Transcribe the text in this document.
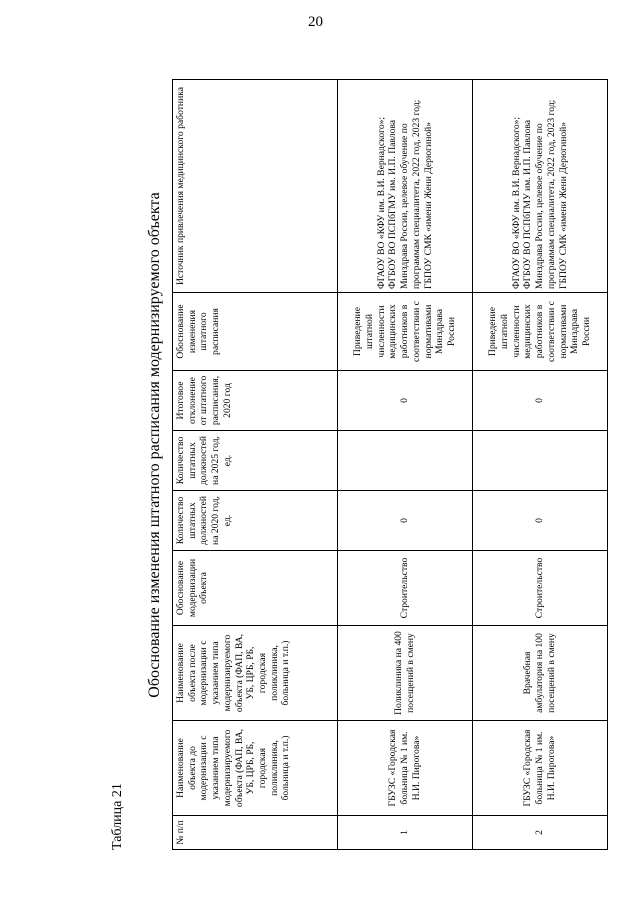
20
Таблица 21
Обоснование изменения штатного расписания модернизируемого объекта
№ п/п	Наименование объекта до модернизации с указанием типа модернизируемого объекта (ФАП, ВА, УБ, ЦРБ, РБ, городская поликлиника, больница и т.п.)	Наименование объекта после модернизации с указанием типа модернизируемого объекта (ФАП, ВА, УБ, ЦРБ, РБ, городская поликлиника, больница и т.п.)	Обоснование модернизации объекта	Количество штатных должностей на 2020 год, ед.	Количество штатных должностей на 2025 год, ед.	Итоговое отклонение от штатного расписания, 2020 год	Обоснование изменения штатного расписания	Источник привлечения медицинского работника
1	ГБУЗС «Городская больница № 1 им. Н.И. Пирогова»	Поликлиника на 400 посещений в смену	Строительство	0		0	Приведение штатной численности медицинских работников в соответствии с нормативами Минздрава России	ФГАОУ ВО «КФУ им. В.И. Вернадского»; ФГБОУ ВО ПСПбГМУ им. И.П. Павлова Минздрава России, целевое обучение по программам специалитета, 2022 год, 2023 год; ГБПОУ СМК «имени Жени Дерюгиной»
2	ГБУЗС «Городская больница № 1 им. Н.И. Пирогова»	Врачебная амбулатория на 100 посещений в смену	Строительство	0		0	Приведение штатной численности медицинских работников в соответствии с нормативами Минздрава России	ФГАОУ ВО «КФУ им. В.И. Вернадского»; ФГБОУ ВО ПСПбГМУ им. И.П. Павлова Минздрава России, целевое обучение по программам специалитета, 2022 год, 2023 год; ГБПОУ СМК «имени Жени Дерюгиной»
